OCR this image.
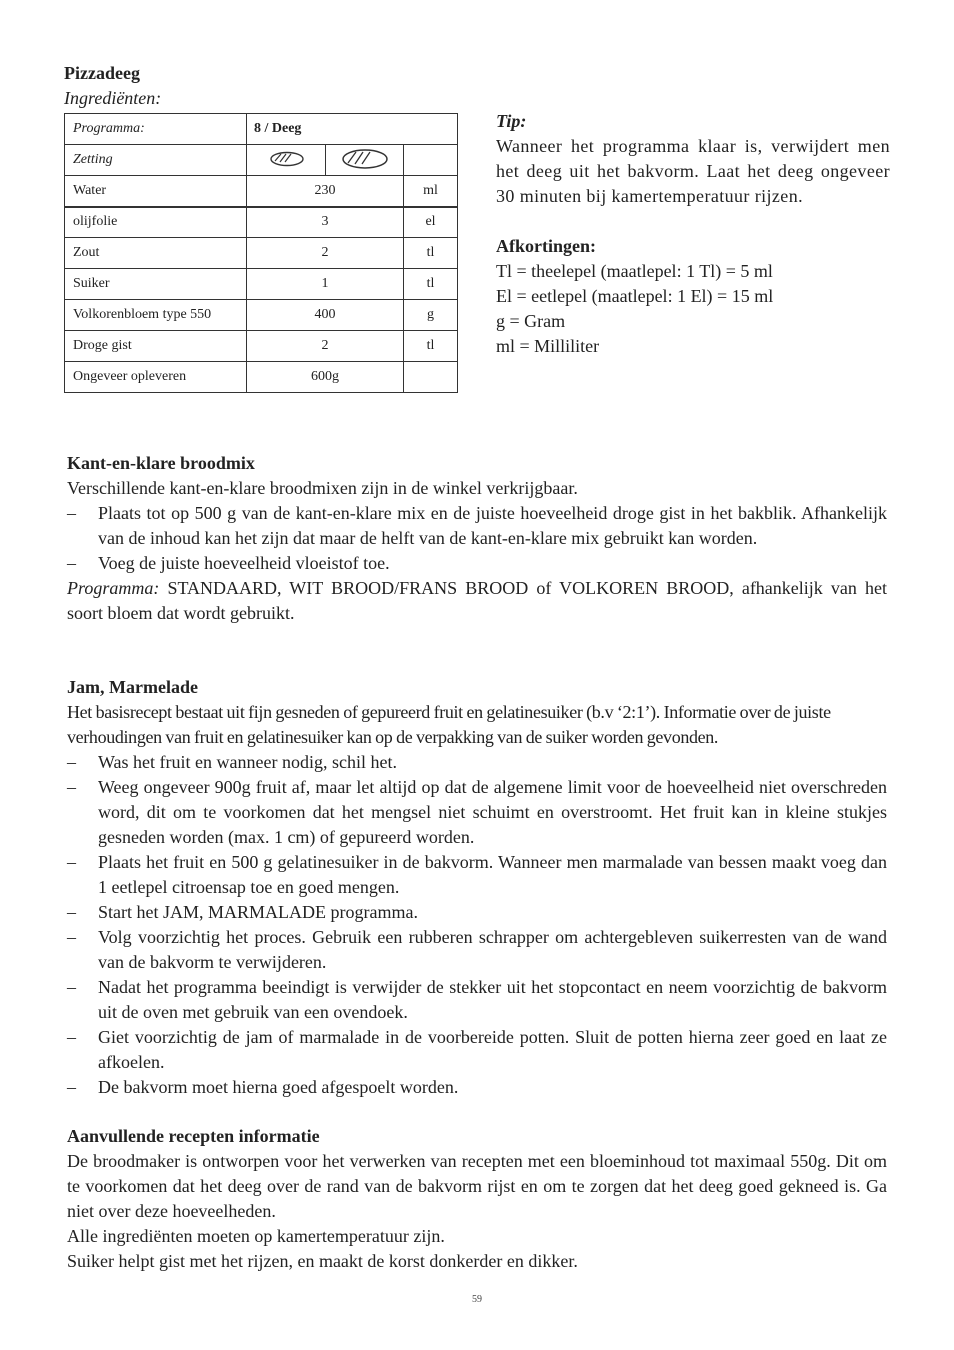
Pizzadeeg
Ingrediënten:
Programma:	8 / Deeg		
Zetting			
Water	230		ml
olijfolie	3		el
Zout	2		tl
Suiker	1		tl
Volkorenbloem type 550	400		g
Droge gist	2		tl
Ongeveer opleveren	600g		
Tip:
Wanneer het programma klaar is, verwijdert men het deeg uit het bakvorm. Laat het deeg ongeveer 30 minuten bij kamertemperatuur rijzen.
Afkortingen:
Tl = theelepel (maatlepel: 1 Tl) = 5 ml
El = eetlepel (maatlepel: 1 El) = 15 ml
g = Gram
ml = Milliliter
Kant-en-klare broodmix
Verschillende kant-en-klare broodmixen zijn in de winkel verkrijgbaar.
– Plaats tot op 500 g van de kant-en-klare mix en de juiste hoeveelheid droge gist in het bakblik. Afhankelijk van de inhoud kan het zijn dat maar de helft van de kant-en-klare mix gebruikt kan worden.
– Voeg de juiste hoeveelheid vloeistof toe.
Programma: STANDAARD, WIT BROOD/FRANS BROOD of VOLKOREN BROOD, afhankelijk van het soort bloem dat wordt gebruikt.
Jam, Marmelade
Het basisrecept bestaat uit fijn gesneden of gepureerd fruit en gelatinesuiker (b.v ‘2:1’). Informatie over de juiste verhoudingen van fruit en gelatinesuiker kan op de verpakking van de suiker worden gevonden.
– Was het fruit en wanneer nodig, schil het.
– Weeg ongeveer 900g fruit af, maar let altijd op dat de algemene limit voor de hoeveelheid niet overschreden word, dit om te voorkomen dat het mengsel niet schuimt en overstroomt. Het fruit kan in kleine stukjes gesneden worden (max. 1 cm) of gepureerd worden.
– Plaats het fruit en 500 g gelatinesuiker in de bakvorm. Wanneer men marmalade van bessen maakt voeg dan 1 eetlepel citroensap toe en goed mengen.
– Start het JAM, MARMALADE programma.
– Volg voorzichtig het proces. Gebruik een rubberen schrapper om achtergebleven suikerresten van de wand van de bakvorm te verwijderen.
– Nadat het programma beeindigt is verwijder de stekker uit het stopcontact en neem voorzichtig de bakvorm uit de oven met gebruik van een ovendoek.
– Giet voorzichtig de jam of marmalade in de voorbereide potten. Sluit de potten hierna zeer goed en laat ze afkoelen.
– De bakvorm moet hierna goed afgespoelt worden.
Aanvullende recepten informatie
De broodmaker is ontworpen voor het verwerken van recepten met een bloeminhoud tot maximaal 550g. Dit om te voorkomen dat het deeg over de rand van de bakvorm rijst en om te zorgen dat het deeg goed gekneed is. Ga niet over deze hoeveelheden.
Alle ingrediënten moeten op kamertemperatuur zijn.
Suiker helpt gist met het rijzen, en maakt de korst donkerder en dikker.
59
